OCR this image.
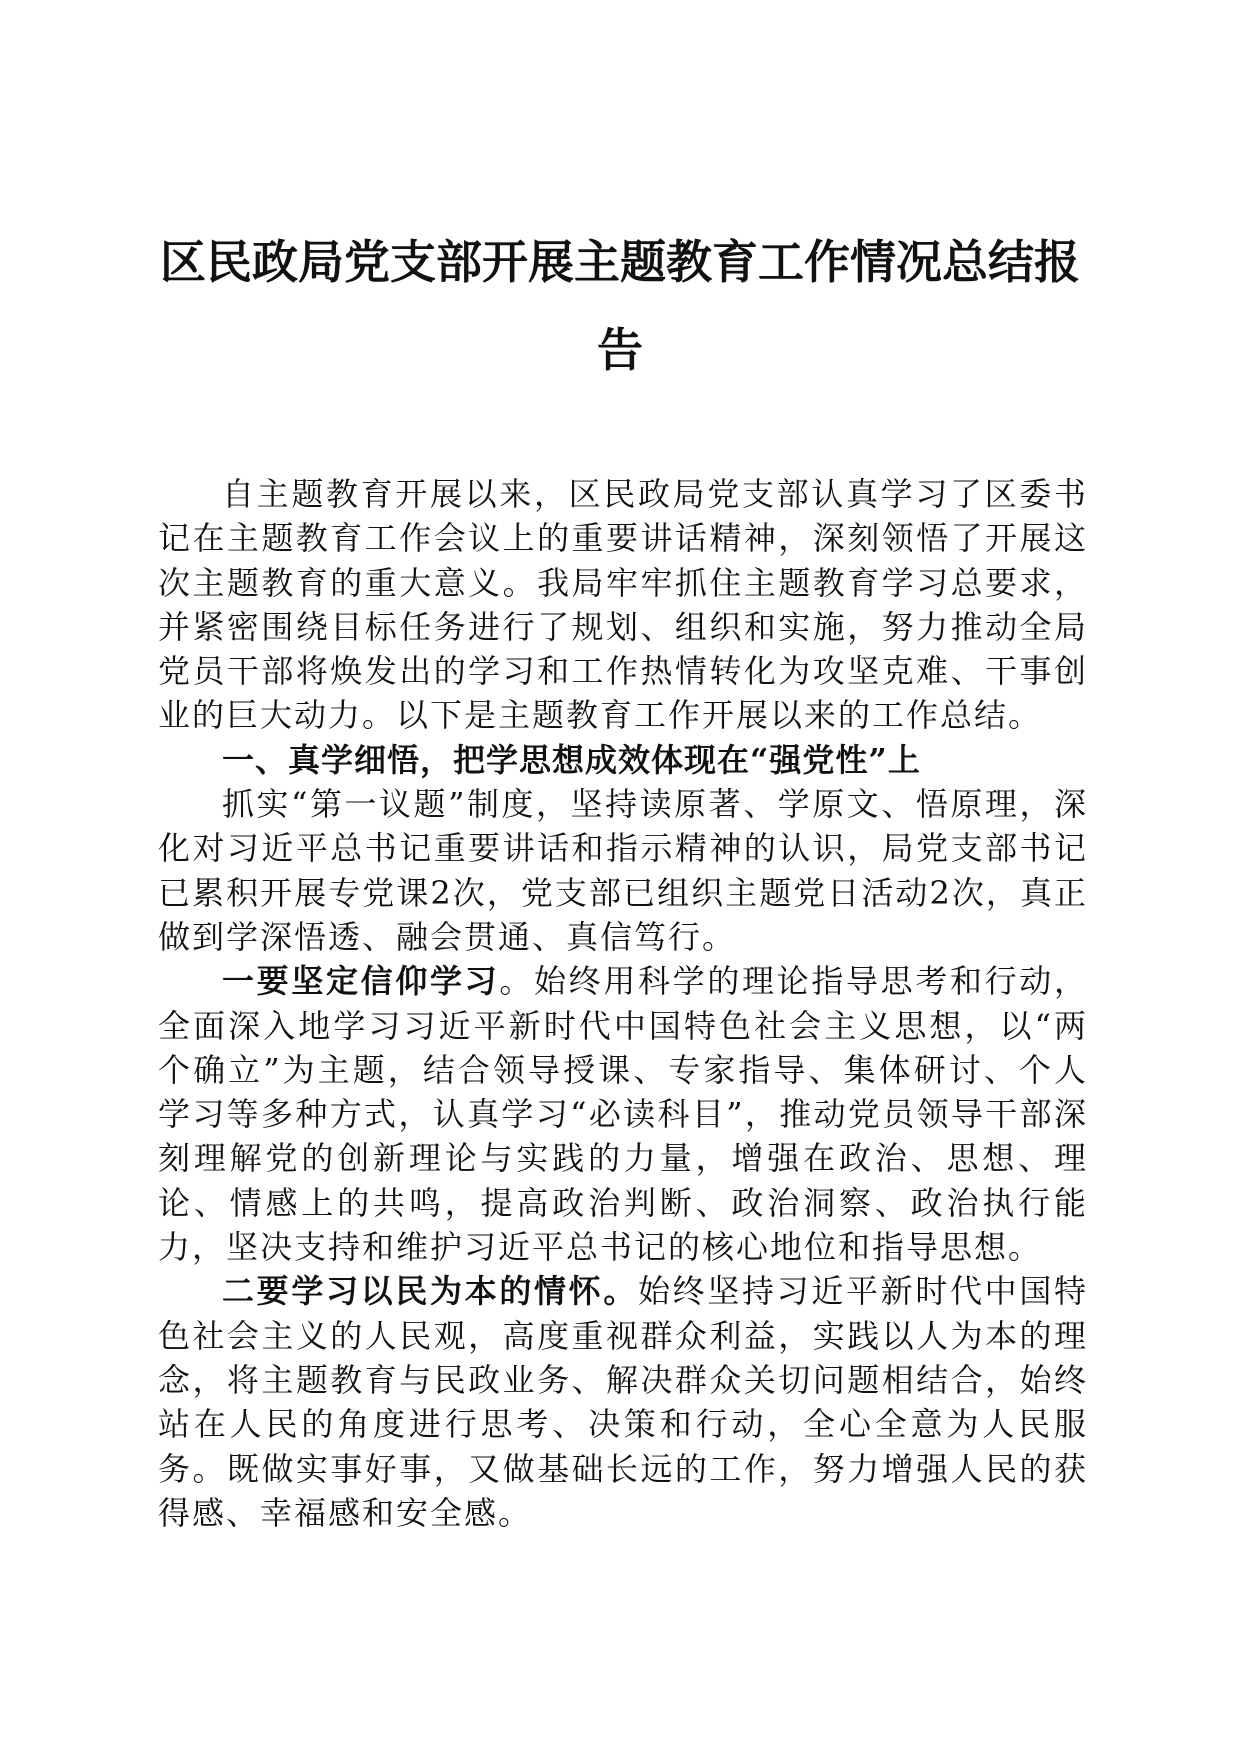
区民政局党支部开展主题教育工作情况总结报告

自主题教育开展以来，区民政局党支部认真学习了区委书记在主题教育工作会议上的重要讲话精神，深刻领悟了开展这次主题教育的重大意义。我局牢牢抓住主题教育学习总要求，并紧密围绕目标任务进行了规划、组织和实施，努力推动全局党员干部将焕发出的学习和工作热情转化为攻坚克难、干事创业的巨大动力。以下是主题教育工作开展以来的工作总结。

一、真学细悟，把学思想成效体现在“强党性”上

抓实“第一议题”制度，坚持读原著、学原文、悟原理，深化对习近平总书记重要讲话和指示精神的认识，局党支部书记已累积开展专党课2次，党支部已组织主题党日活动2次，真正做到学深悟透、融会贯通、真信笃行。

一要坚定信仰学习。始终用科学的理论指导思考和行动，全面深入地学习习近平新时代中国特色社会主义思想，以“两个确立”为主题，结合领导授课、专家指导、集体研讨、个人学习等多种方式，认真学习“必读科目”，推动党员领导干部深刻理解党的创新理论与实践的力量，增强在政治、思想、理论、情感上的共鸣，提高政治判断、政治洞察、政治执行能力，坚决支持和维护习近平总书记的核心地位和指导思想。

二要学习以民为本的情怀。始终坚持习近平新时代中国特色社会主义的人民观，高度重视群众利益，实践以人为本的理念，将主题教育与民政业务、解决群众关切问题相结合，始终站在人民的角度进行思考、决策和行动，全心全意为人民服务。既做实事好事，又做基础长远的工作，努力增强人民的获得感、幸福感和安全感。
